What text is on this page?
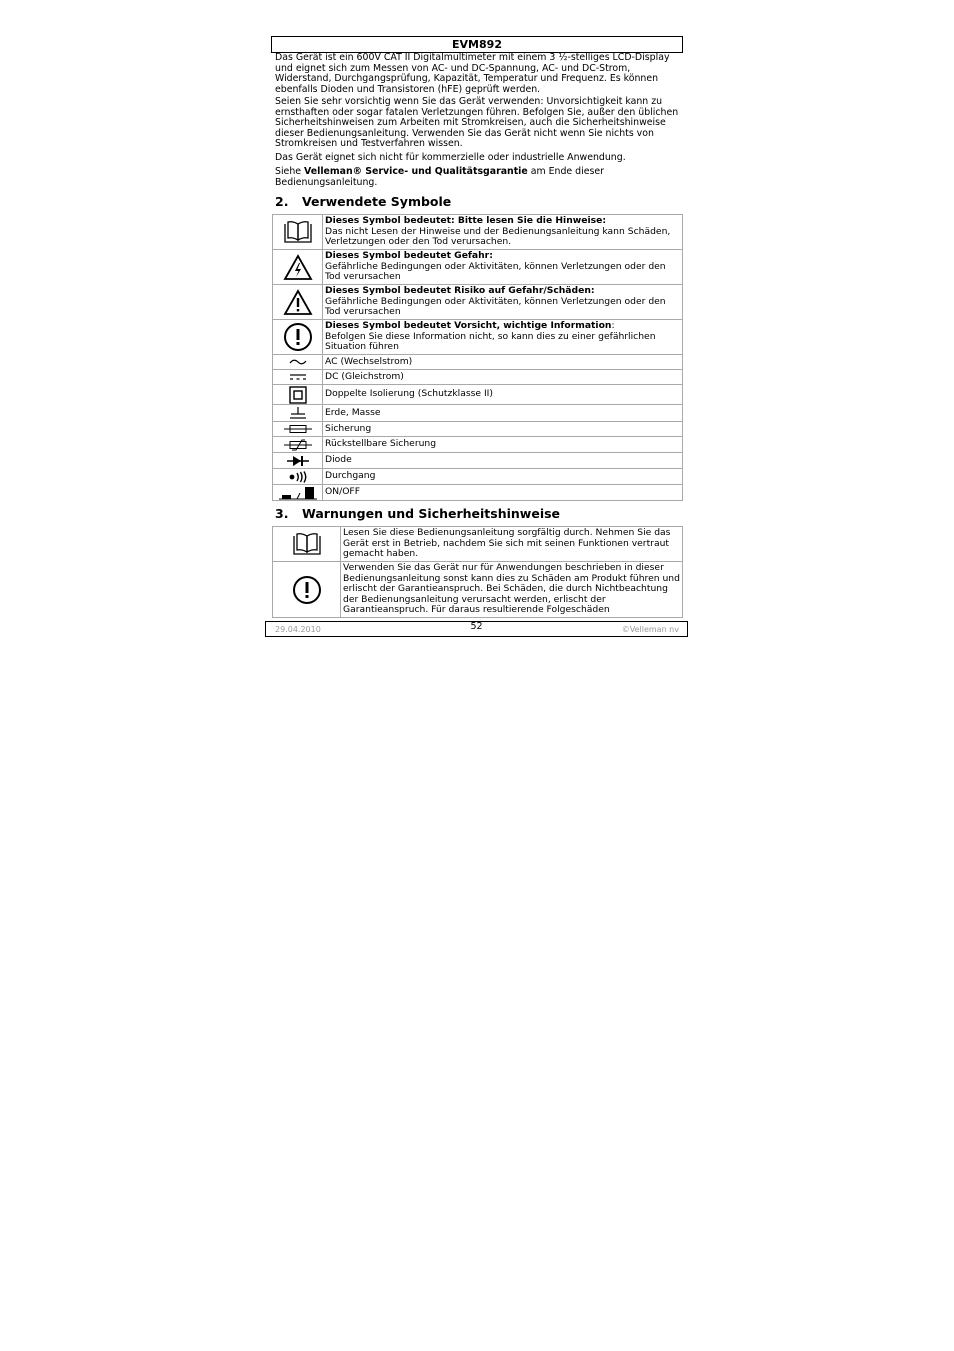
EVM892

Das Gerät ist ein 600V CAT II Digitalmultimeter mit einem 3 ½-stelliges LCD-Display und eignet sich zum Messen von AC- und DC-Spannung, AC- und DC-Strom, Widerstand, Durchgangsprüfung, Kapazität, Temperatur und Frequenz. Es können ebenfalls Dioden und Transistoren (hFE) geprüft werden.

Seien Sie sehr vorsichtig wenn Sie das Gerät verwenden: Unvorsichtigkeit kann zu ernsthaften oder sogar fatalen Verletzungen führen. Befolgen Sie, außer den üblichen Sicherheitshinweisen zum Arbeiten mit Stromkreisen, auch die Sicherheitshinweise dieser Bedienungsanleitung. Verwenden Sie das Gerät nicht wenn Sie nichts von Stromkreisen und Testverfahren wissen.

Das Gerät eignet sich nicht für kommerzielle oder industrielle Anwendung.

Siehe Velleman® Service- und Qualitätsgarantie am Ende dieser Bedienungsanleitung.

2. Verwendete Symbole
	Dieses Symbol bedeutet: Bitte lesen Sie die Hinweise:
Das nicht Lesen der Hinweise und der Bedienungsanleitung kann Schäden, Verletzungen oder den Tod verursachen.

	Dieses Symbol bedeutet Gefahr:
Gefährliche Bedingungen oder Aktivitäten, können Verletzungen oder den Tod verursachen

	Dieses Symbol bedeutet Risiko auf Gefahr/Schäden:
Gefährliche Bedingungen oder Aktivitäten, können Verletzungen oder den Tod verursachen

	Dieses Symbol bedeutet Vorsicht, wichtige Information:
Befolgen Sie diese Information nicht, so kann dies zu einer gefährlichen Situation führen

	AC (Wechselstrom)

	DC (Gleichstrom)

	Doppelte Isolierung (Schutzklasse II)

	Erde, Masse

	Sicherung

	Rückstellbare Sicherung

	Diode

	Durchgang

	ON/OFF
3. Warnungen und Sicherheitshinweise
	Lesen Sie diese Bedienungsanleitung sorgfältig durch. Nehmen Sie das Gerät erst in Betrieb, nachdem Sie sich mit seinen Funktionen vertraut gemacht haben.

	Verwenden Sie das Gerät nur für Anwendungen beschrieben in dieser Bedienungsanleitung sonst kann dies zu Schäden am Produkt führen und erlischt der Garantieanspruch. Bei Schäden, die durch Nichtbeachtung der Bedienungsanleitung verursacht werden, erlischt der Garantieanspruch. Für daraus resultierende Folgeschäden
29.04.2010	52	©Velleman nv
